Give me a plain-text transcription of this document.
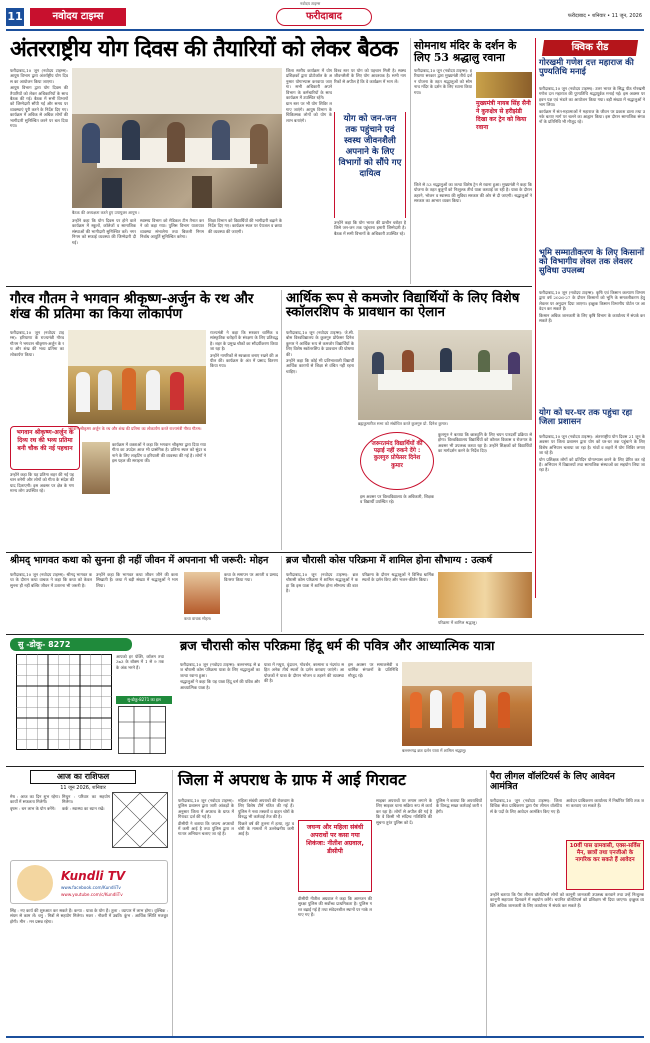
11	नवोदय टाइम्स
नवोदय टाइम्स
फरीदाबाद	फरीदाबाद • शनिवार • 11 जून, 2026
अंतरराष्ट्रीय योग दिवस की तैयारियों को लेकर बैठक

फरीदाबाद,10 जून (नवोदय टाइम्स): आयुष विभाग द्वारा अंतर्राष्ट्रीय योग दिवस का आयोजन किया जाएगा।

आयुष विभाग द्वारा योग दिवस की तैयारियों को लेकर अधिकारियों के साथ बैठक की गई। बैठक में सभी विभागों को जिम्मेदारी सौंपी गई और समय पर व्यवस्थाएं पूरी करने के निर्देश दिए गए। कार्यक्रम में अधिक से अधिक लोगों की भागीदारी सुनिश्चित करने पर बल दिया गया।

बैठक की अध्यक्षता करते हुए उपायुक्त आयुष ।

उन्होंने कहा कि योग दिवस पर होने वाले कार्यक्रम में स्कूलों, कॉलेजों व सामाजिक संस्थाओं की भागीदारी सुनिश्चित करें। नगर निगम को सफाई व्यवस्था की जिम्मेदारी दी गई।

स्वास्थ्य विभाग को मेडिकल टीम तैनात करने को कहा गया। पुलिस विभाग यातायात व्यवस्था संभालेगा तथा बिजली निगम निर्बाध आपूर्ति सुनिश्चित करेगा।

शिक्षा विभाग को विद्यार्थियों की भागीदारी बढ़ाने के निर्देश दिए गए। कार्यक्रम स्थल पर पेयजल व छाया की व्यवस्था की जाएगी।

जिला स्तरीय कार्यक्रम में योग प्रशिक्षकों द्वारा प्रोटोकॉल के अनुसार योगाभ्यास करवाया जाएगा। सभी अधिकारी अपने विभाग के कर्मचारियों के साथ कार्यक्रम में उपस्थित रहेंगे।

ग्राम स्तर पर भी योग शिविर लगाए जाएंगे। आयुष विभाग के चिकित्सक लोगों को योग के लाभ बताएंगे।	योग को जन-जन तक पहुंचाने एवं स्वस्थ जीवनशैली अपनाने के लिए विभागों को सौंपे गए दायित्व

विश्व स्तर पर योग को पहचान मिली है। स्वस्थ जीवनशैली के लिए योग आवश्यक है। सभी नागरिकों से अपील है कि वे कार्यक्रम में भाग लें।

उन्होंने कहा कि योग भारत की प्राचीन धरोहर है जिसे जन-जन तक पहुंचाना हमारी जिम्मेदारी है। बैठक में सभी विभागों के अधिकारी उपस्थित रहे।

सोमनाथ मंदिर के दर्शन के लिए 53 श्रद्धालु रवाना

फरीदाबाद,10 जून (नवोदय टाइम्स): हरियाणा सरकार द्वारा मुख्यमंत्री तीर्थ दर्शन योजना के तहत श्रद्धालुओं को सोमनाथ मंदिर के दर्शन के लिए रवाना किया गया।

मुख्यमंत्री नायब सिंह सैनी ने कुरुक्षेत्र से हरीझंडी दिखा कर ट्रेन को किया रवाना

जिले से 53 श्रद्धालुओं का जत्था विशेष ट्रेन से रवाना हुआ। मुख्यमंत्री ने कहा कि योजना के तहत बुजुर्गों को निःशुल्क तीर्थ यात्रा करवाई जा रही है। यात्रा के दौरान ठहरने, भोजन व स्वास्थ्य की सुविधा सरकार की ओर से दी जाएगी। श्रद्धालुओं ने सरकार का आभार व्यक्त किया।

क्विक रीड
गोरखमी गणेश दत्त महाराज की पुण्यतिथि मनाई

फरीदाबाद,10 जून (नवोदय टाइम्स): उत्तर भारत के सिद्ध पीठ गोरखमी गणेश दत्त महाराज की पुण्यतिथि श्रद्धापूर्वक मनाई गई। इस अवसर पर हवन यज्ञ एवं भंडारे का आयोजन किया गया। बड़ी संख्या में श्रद्धालुओं ने भाग लिया।

कार्यक्रम में संत-महात्माओं ने महाराज के जीवन पर प्रकाश डाला तथा उनके बताए मार्ग पर चलने का आह्वान किया। इस दौरान सामाजिक संगठनों के प्रतिनिधि भी मौजूद रहे।

भूमि सम्मातीकरण के लिए किसानों को विभागीय लेवल तक लेवलर सुविधा उपलब्ध

फरीदाबाद,10 जून (नवोदय टाइम्स): कृषि एवं किसान कल्याण विभाग द्वारा वर्ष 2026-27 के दौरान किसानों को भूमि के समतलीकरण हेतु लेवलर पर अनुदान दिया जाएगा। इच्छुक किसान विभागीय पोर्टल पर आवेदन कर सकते हैं।

किसान अधिक जानकारी के लिए कृषि विभाग के कार्यालय में संपर्क कर सकते हैं।

योग को घर-घर तक पहुंचा रहा जिला प्रशासन

फरीदाबाद,10 जून (नवोदय टाइम्स): अंतरराष्ट्रीय योग दिवस 21 जून के अवसर पर जिला प्रशासन द्वारा योग को घर-घर तक पहुंचाने के लिए विशेष अभियान चलाया जा रहा है। गांवों व शहरों में योग शिविर लगाए जा रहे हैं।

योग प्रशिक्षक लोगों को प्रतिदिन योगाभ्यास करने के लिए प्रेरित कर रहे हैं। अभियान में विद्यालयों तथा सामाजिक संस्थाओं का सहयोग लिया जा रहा है।

गौरव गौतम ने भगवान श्रीकृष्ण-अर्जुन के रथ और शंख की प्रतिमा का किया लोकार्पण

फरीदाबाद,10 जून (नवोदय टाइम्स): हरियाणा के राज्यमंत्री गौरव गौतम ने भगवान श्रीकृष्ण-अर्जुन के रथ और शंख की भव्य प्रतिमा का लोकार्पण किया।

भगवान श्रीकृष्ण-अर्जुन के दिव्य रथ की भव्य प्रतिमा बनी चौक की नई पहचान

उन्होंने कहा कि यह प्रतिमा शहर की नई पहचान बनेगी और लोगों को गीता के संदेश की याद दिलाएगी। इस अवसर पर क्षेत्र के गणमान्य लोग उपस्थित रहे।

भगवान श्रीकृष्ण अर्जुन के रथ और शंख की प्रतिमा का लोकार्पण करते राज्यमंत्री गौरव गौतम।

कार्यक्रम में वक्ताओं ने कहा कि भगवान श्रीकृष्ण द्वारा दिया गया गीता का उपदेश आज भी प्रासंगिक है। प्रतिमा स्थल को सुंदर बनाने के लिए लाइटिंग व हरियाली की व्यवस्था की गई है। लोगों ने इस पहल की सराहना की।

राज्यमंत्री ने कहा कि सरकार धार्मिक व सांस्कृतिक धरोहरों के संरक्षण के लिए प्रतिबद्ध है। शहर के प्रमुख चौकों का सौंदर्यीकरण किया जा रहा है।

उन्होंने नागरिकों से स्वच्छता बनाए रखने की अपील की। कार्यक्रम के अंत में प्रसाद वितरण किया गया।

आर्थिक रूप से कमजोर विद्यार्थियों के लिए विशेष स्कॉलरशिप के प्रावधान का ऐलान

फरीदाबाद,10 जून (नवोदय टाइम्स): जे.सी. बोस विश्वविद्यालय के कुलगुरु प्रोफेसर दिनेश कुमार ने आर्थिक रूप से कमजोर विद्यार्थियों के लिए विशेष स्कॉलरशिप के प्रावधान की घोषणा की।

उन्होंने कहा कि कोई भी प्रतिभाशाली विद्यार्थी आर्थिक कारणों से शिक्षा से वंचित नहीं रहना चाहिए।

ब्रह्मकुमारीज सभा को संबोधित करते कुलगुरु प्रो. दिनेश कुमार।
जरूरतमंद विद्यार्थियों की पढ़ाई नहीं रुकने देंगे : कुलगुरु प्रोफेसर दिनेश कुमार

कुलगुरु ने बताया कि छात्रवृत्ति के लिए चयन पारदर्शी प्रक्रिया से होगा। विश्वविद्यालय विद्यार्थियों को कौशल विकास व रोजगार के अवसर भी उपलब्ध करवा रहा है। उन्होंने शिक्षकों को विद्यार्थियों का मार्गदर्शन करने के निर्देश दिए।

इस अवसर पर विश्वविद्यालय के अधिकारी, शिक्षक व विद्यार्थी उपस्थित रहे।

श्रीमद् भागवत कथा को सुनना ही नहीं जीवन में अपनाना भी जरूरी: मोहन

फरीदाबाद,10 जून (नवोदय टाइम्स): श्रीमद् भागवत कथा के दौरान कथा वाचक ने कहा कि कथा को केवल सुनना ही नहीं बल्कि जीवन में उतारना भी जरूरी है।

उन्होंने कहा कि भागवत कथा जीवन जीने की कला सिखाती है। कथा में बड़ी संख्या में श्रद्धालुओं ने भाग लिया।

कथा वाचक मोहन।

कथा के समापन पर आरती व प्रसाद वितरण किया गया।

ब्रज चौरासी कोस परिक्रमा में शामिल होना सौभाग्य : उत्कर्ष

फरीदाबाद,10 जून (नवोदय टाइम्स): ब्रज चौरासी कोस परिक्रमा में शामिल श्रद्धालुओं ने कहा कि इस यात्रा में शामिल होना सौभाग्य की बात है।

परिक्रमा के दौरान श्रद्धालुओं ने विभिन्न धार्मिक स्थलों के दर्शन किए और भजन-कीर्तन किया।

परिक्रमा में शामिल श्रद्धालु।
सु -डोकू- 8272
आपको हर पंक्ति, कॉलम तथा 3x3 के बॉक्स में 1 से 9 तक के अंक भरने हैं।
सु-डोकू-8271 का हल
ब्रज चौरासी कोस परिक्रमा हिंदू धर्म की पवित्र और आध्यात्मिक यात्रा

फरीदाबाद,10 जून (नवोदय टाइम्स): बल्लभगढ़ से ब्रज चौरासी कोस परिक्रमा यात्रा के लिए श्रद्धालुओं का जत्था रवाना हुआ।

श्रद्धालुओं ने कहा कि यह यात्रा हिंदू धर्म की पवित्र और आध्यात्मिक यात्रा है।

यात्रा में मथुरा, वृंदावन, गोवर्धन, बरसाना व नंदगांव सहित अनेक तीर्थ स्थलों के दर्शन करवाए जाएंगे। आयोजकों ने यात्रा के दौरान भोजन व ठहरने की व्यवस्था की है।

इस अवसर पर समाजसेवी व धार्मिक संगठनों के प्रतिनिधि मौजूद रहे।

बल्लभगढ़ ब्रज दर्शन यात्रा में शामिल श्रद्धालु।
आज का राशिफल
11 जून 2026, शनिवार

मेष : आज का दिन शुभ रहेगा। कार्यों में सफलता मिलेगी।

वृषभ : धन लाभ के योग बनेंगे।

मिथुन : परिवार का सहयोग मिलेगा।

कर्क : स्वास्थ्य का ध्यान रखें।

Kundli TV
www.facebook.com/KundliTv
www.youtube.com/c/KundliTv

सिंह : नए कार्य की शुरुआत कर सकते हैं। कन्या : यात्रा के योग हैं। तुला : व्यापार में लाभ होगा। वृश्चिक : संयम से काम लें। धनु : मित्रों से सहयोग मिलेगा। मकर : नौकरी में उन्नति। कुंभ : आर्थिक स्थिति मजबूत होगी। मीन : मन प्रसन्न रहेगा।

जिला में अपराध के ग्राफ में आई गिरावट

फरीदाबाद,10 जून (नवोदय टाइम्स): पुलिस प्रशासन द्वारा जारी आंकड़ों के अनुसार जिला में अपराध के ग्राफ में गिरावट दर्ज की गई है।

डीसीपी ने बताया कि जघन्य अपराधों में कमी आई है तथा पुलिस द्वारा लगातार अभियान चलाए जा रहे हैं।

महिला संबंधी अपराधों की रोकथाम के लिए विशेष टीमें गठित की गई हैं। पुलिस ने नशा तस्करों व वाहन चोरों के विरुद्ध भी कार्रवाई तेज की है।

पिछले वर्ष की तुलना में हत्या, लूट व चोरी के मामलों में उल्लेखनीय कमी आई है।

जघन्य और महिला संबंधी अपराधों पर कसा गया शिकंजा: नीतीश अग्रवाल, डीसीपी

डीसीपी नीतीश अग्रवाल ने कहा कि आमजन की सुरक्षा पुलिस की सर्वोच्च प्राथमिकता है। पुलिस गश्त बढ़ाई गई है तथा संवेदनशील स्थानों पर नाके लगाए गए हैं।

साइबर अपराधों पर लगाम लगाने के लिए साइबर थाना सक्रिय रूप से कार्य कर रहा है। लोगों से अपील की गई है कि वे किसी भी संदिग्ध गतिविधि की सूचना तुरंत पुलिस को दें।

पुलिस ने बताया कि अपराधियों के विरुद्ध सख्त कार्रवाई जारी रहेगी।

पैरा लीगल वॉलंटियर्स के लिए आवेदन आमंत्रित

फरीदाबाद,10 जून (नवोदय टाइम्स): जिला विधिक सेवा प्राधिकरण द्वारा पैरा लीगल वॉलंटियर्स के पदों के लिए आवेदन आमंत्रित किए गए हैं।

आवेदन प्राधिकरण कार्यालय में निर्धारित तिथि तक जमा करवाए जा सकते हैं।

10वीं पास ग्रामवासी, एक्स-सर्विस मैन, छात्रों तथा एनजीओ के नागरिक कर सकते हैं आवेदन

उन्होंने बताया कि पैरा लीगल वॉलंटियर्स लोगों को कानूनी जानकारी उपलब्ध करवाने तथा उन्हें निःशुल्क कानूनी सहायता दिलवाने में सहयोग करेंगे। चयनित वॉलंटियर्स को प्रशिक्षण भी दिया जाएगा। इच्छुक व्यक्ति अधिक जानकारी के लिए कार्यालय में संपर्क कर सकते हैं।
